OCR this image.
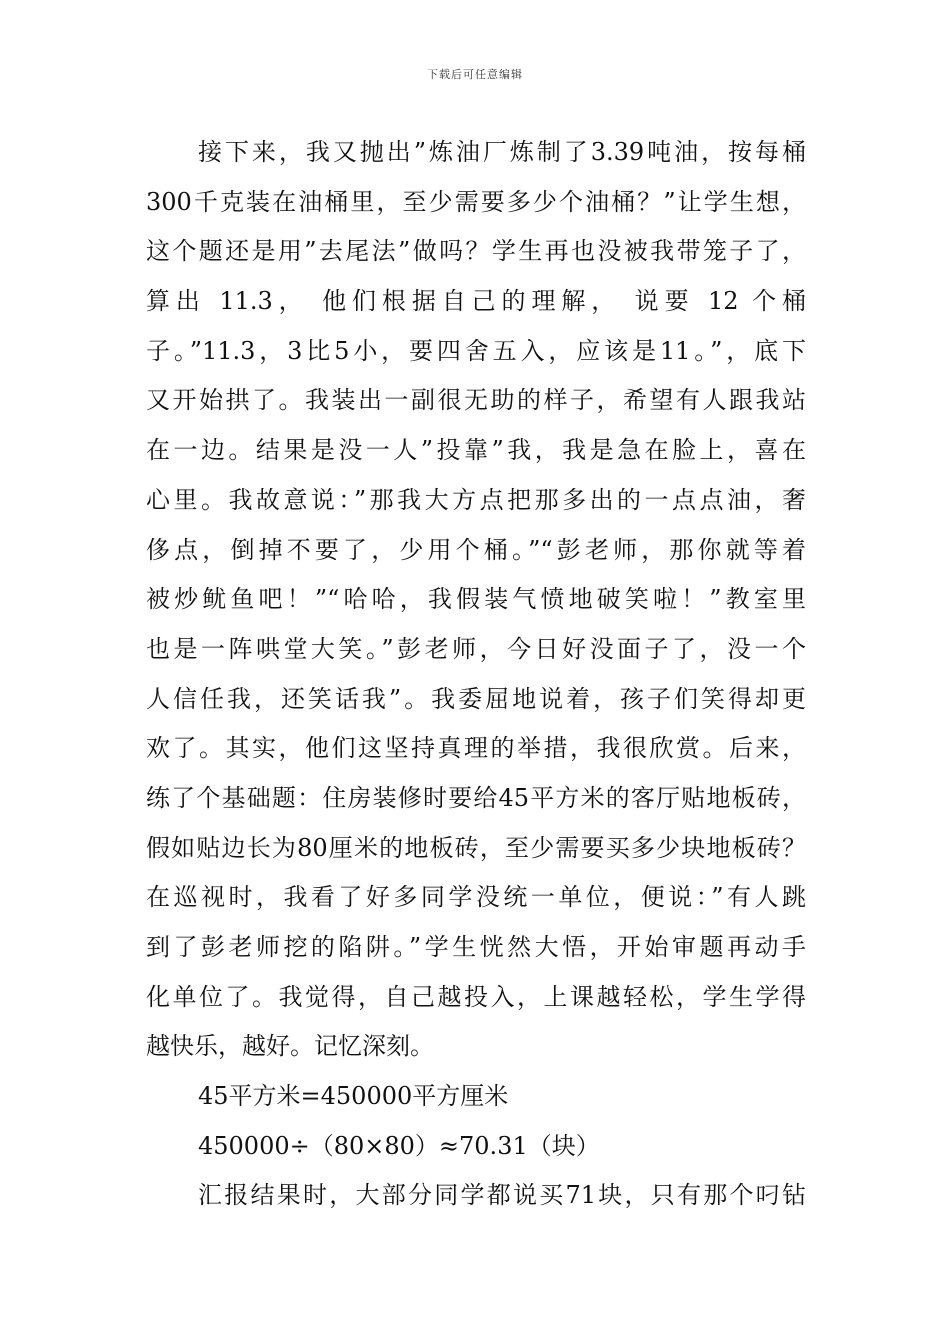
下载后可任意编辑
接下来，我又抛出”炼油厂炼制了3.39吨油，按每桶
300千克装在油桶里，至少需要多少个油桶？”让学生想，
这个题还是用”去尾法”做吗？学生再也没被我带笼子了，
算出 11.3， 他们根据自己的理解， 说要 12 个桶
子。”11.3，3比5小，要四舍五入，应该是11。”，底下
又开始拱了。我装出一副很无助的样子，希望有人跟我站
在一边。结果是没一人”投靠”我，我是急在脸上，喜在
心里。我故意说：”那我大方点把那多出的一点点油，奢
侈点，倒掉不要了，少用个桶。”“彭老师，那你就等着
被炒鱿鱼吧！”“哈哈，我假装气愤地破笑啦！”教室里
也是一阵哄堂大笑。”彭老师，今日好没面子了，没一个
人信任我，还笑话我”。我委屈地说着，孩子们笑得却更
欢了。其实，他们这坚持真理的举措，我很欣赏。后来，
练了个基础题：住房装修时要给45平方米的客厅贴地板砖，
假如贴边长为80厘米的地板砖，至少需要买多少块地板砖？
在巡视时，我看了好多同学没统一单位，便说：”有人跳
到了彭老师挖的陷阱。”学生恍然大悟，开始审题再动手
化单位了。我觉得，自己越投入，上课越轻松，学生学得
越快乐，越好。记忆深刻。
45平方米=450000平方厘米
450000÷（80×80）≈70.31（块）
汇报结果时，大部分同学都说买71块，只有那个叼钻
